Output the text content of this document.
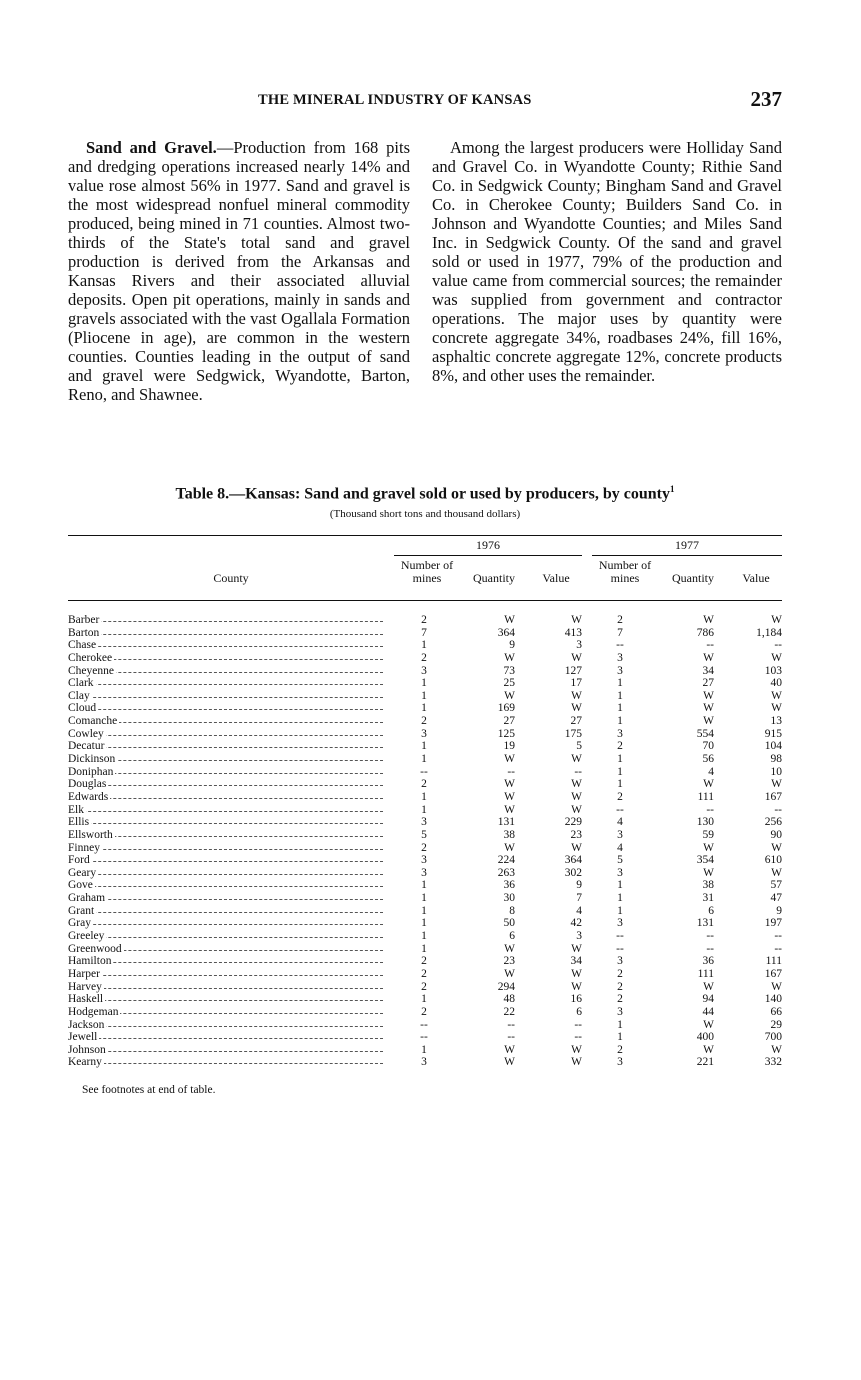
THE MINERAL INDUSTRY OF KANSAS	237

Sand and Gravel.—Production from 168 pits and dredging operations increased nearly 14% and value rose almost 56% in 1977. Sand and gravel is the most widespread nonfuel mineral commodity produced, being mined in 71 counties. Almost two-thirds of the State's total sand and gravel production is derived from the Arkansas and Kansas Rivers and their associated alluvial deposits. Open pit operations, mainly in sands and gravels associated with the vast Ogallala Formation (Pliocene in age), are common in the western counties. Counties leading in the output of sand and gravel were Sedgwick, Wyandotte, Barton, Reno, and Shawnee.

Among the largest producers were Holliday Sand and Gravel Co. in Wyandotte County; Rithie Sand Co. in Sedgwick County; Bingham Sand and Gravel Co. in Cherokee County; Builders Sand Co. in Johnson and Wyandotte Counties; and Miles Sand Inc. in Sedgwick County. Of the sand and gravel sold or used in 1977, 79% of the production and value came from commercial sources; the remainder was supplied from government and contractor operations. The major uses by quantity were concrete aggregate 34%, roadbases 24%, fill 16%, asphaltic concrete aggregate 12%, concrete products 8%, and other uses the remainder.

Table 8.—Kansas: Sand and gravel sold or used by producers, by county$^1$
(Thousand short tons and thousand dollars)
1976	1977
County
Number of mines	Quantity	Value
Number of mines	Quantity	Value
Barber	2	W	W	2	W	W
Barton	7	364	413	7	786	1,184
Chase	1	9	3	--	--	--
Cherokee	2	W	W	3	W	W
Cheyenne	3	73	127	3	34	103
Clark	1	25	17	1	27	40
Clay	1	W	W	1	W	W
Cloud	1	169	W	1	W	W
Comanche	2	27	27	1	W	13
Cowley	3	125	175	3	554	915
Decatur	1	19	5	2	70	104
Dickinson	1	W	W	1	56	98
Doniphan	--	--	--	1	4	10
Douglas	2	W	W	1	W	W
Edwards	1	W	W	2	111	167
Elk	1	W	W	--	--	--
Ellis	3	131	229	4	130	256
Ellsworth	5	38	23	3	59	90
Finney	2	W	W	4	W	W
Ford	3	224	364	5	354	610
Geary	3	263	302	3	W	W
Gove	1	36	9	1	38	57
Graham	1	30	7	1	31	47
Grant	1	8	4	1	6	9
Gray	1	50	42	3	131	197
Greeley	1	6	3	--	--	--
Greenwood	1	W	W	--	--	--
Hamilton	2	23	34	3	36	111
Harper	2	W	W	2	111	167
Harvey	2	294	W	2	W	W
Haskell	1	48	16	2	94	140
Hodgeman	2	22	6	3	44	66
Jackson	--	--	--	1	W	29
Jewell	--	--	--	1	400	700
Johnson	1	W	W	2	W	W
Kearny	3	W	W	3	221	332
See footnotes at end of table.
